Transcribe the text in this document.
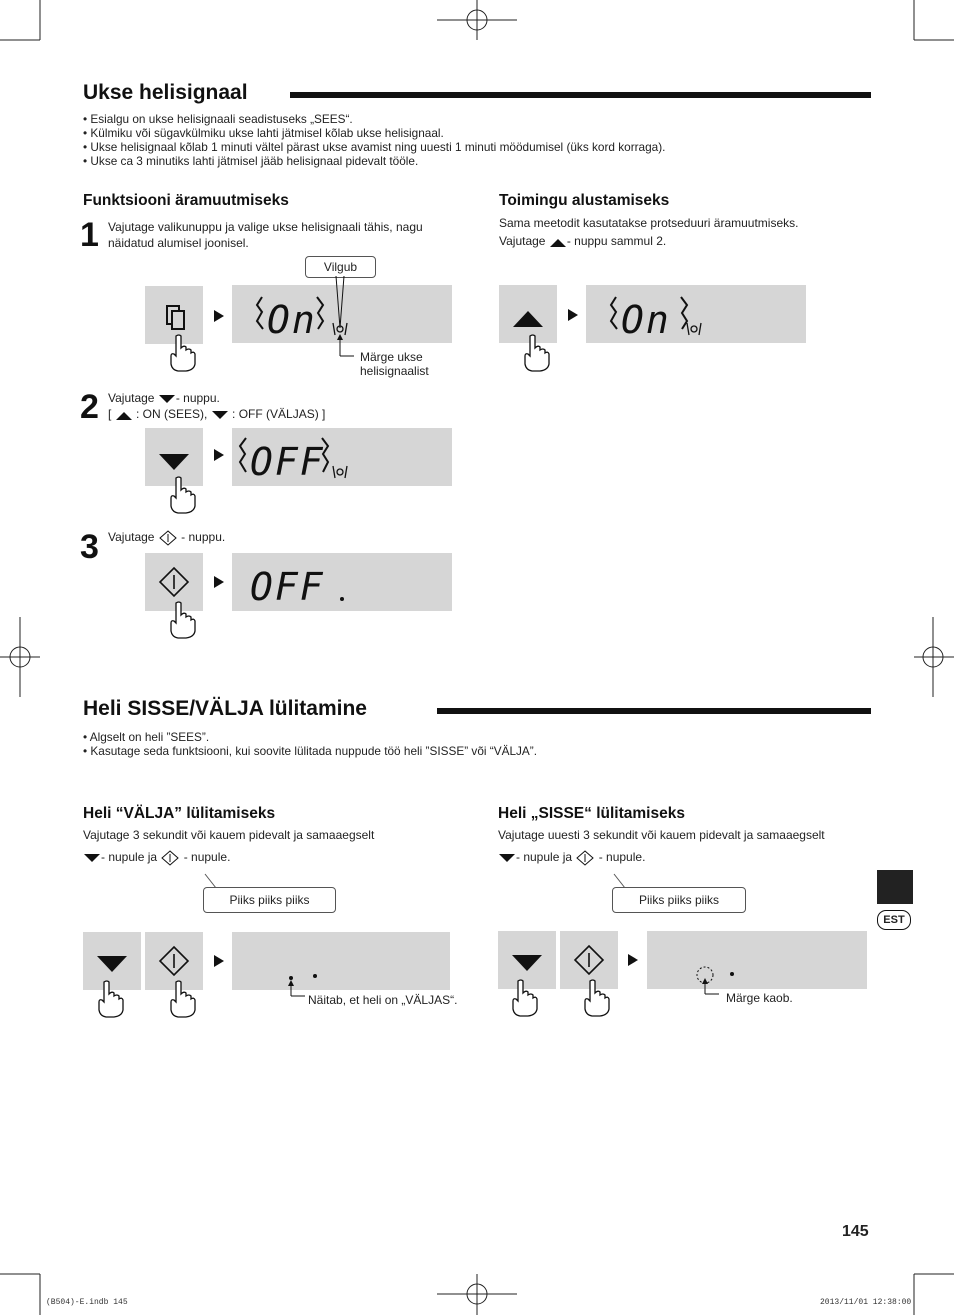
Ukse helisignaal
• Esialgu on ukse helisignaali seadistuseks „SEES“.
• Külmiku või sügavkülmiku ukse lahti jätmisel kõlab ukse helisignaal.
• Ukse helisignaal kõlab 1 minuti vältel pärast ukse avamist ning uuesti 1 minuti möödumisel (üks kord korraga).
• Ukse ca 3 minutiks lahti jätmisel jääb helisignaal pidevalt tööle.
Funktsiooni äramuutmiseks	Toimingu alustamiseks
Sama meetodit kasutatakse protseduuri äramuutmiseks.
Vajutage - nuppu sammul 2.
1 Vajutage valikunuppu ja valige ukse helisignaali tähis, nagu
näidatud alumisel joonisel.
On
Vilgub
Märge ukse
helisignaalist
On
2 Vajutage - nuppu.
[  : ON (SEES),  : OFF (VÄLJAS) ]
OFF
3 Vajutage  - nuppu.
OFF
Heli SISSE/VÄLJA lülitamine
• Algselt on heli ”SEES”.
• Kasutage seda funktsiooni, kui soovite lülitada nuppude töö heli ”SISSE” või “VÄLJA”.
Heli “VÄLJA” lülitamiseks
Vajutage 3 sekundit või kauem pidevalt ja samaaegselt
- nupule ja  - nupule.
Heli „SISSE“ lülitamiseks
Vajutage uuesti 3 sekundit või kauem pidevalt ja samaaegselt
- nupule ja  - nupule.
Piiks piiks piiks
Näitab, et heli on „VÄLJAS“.
Piiks piiks piiks
Märge kaob.
EST
145
(B504)-E.indb 145	2013/11/01 12:38:00
